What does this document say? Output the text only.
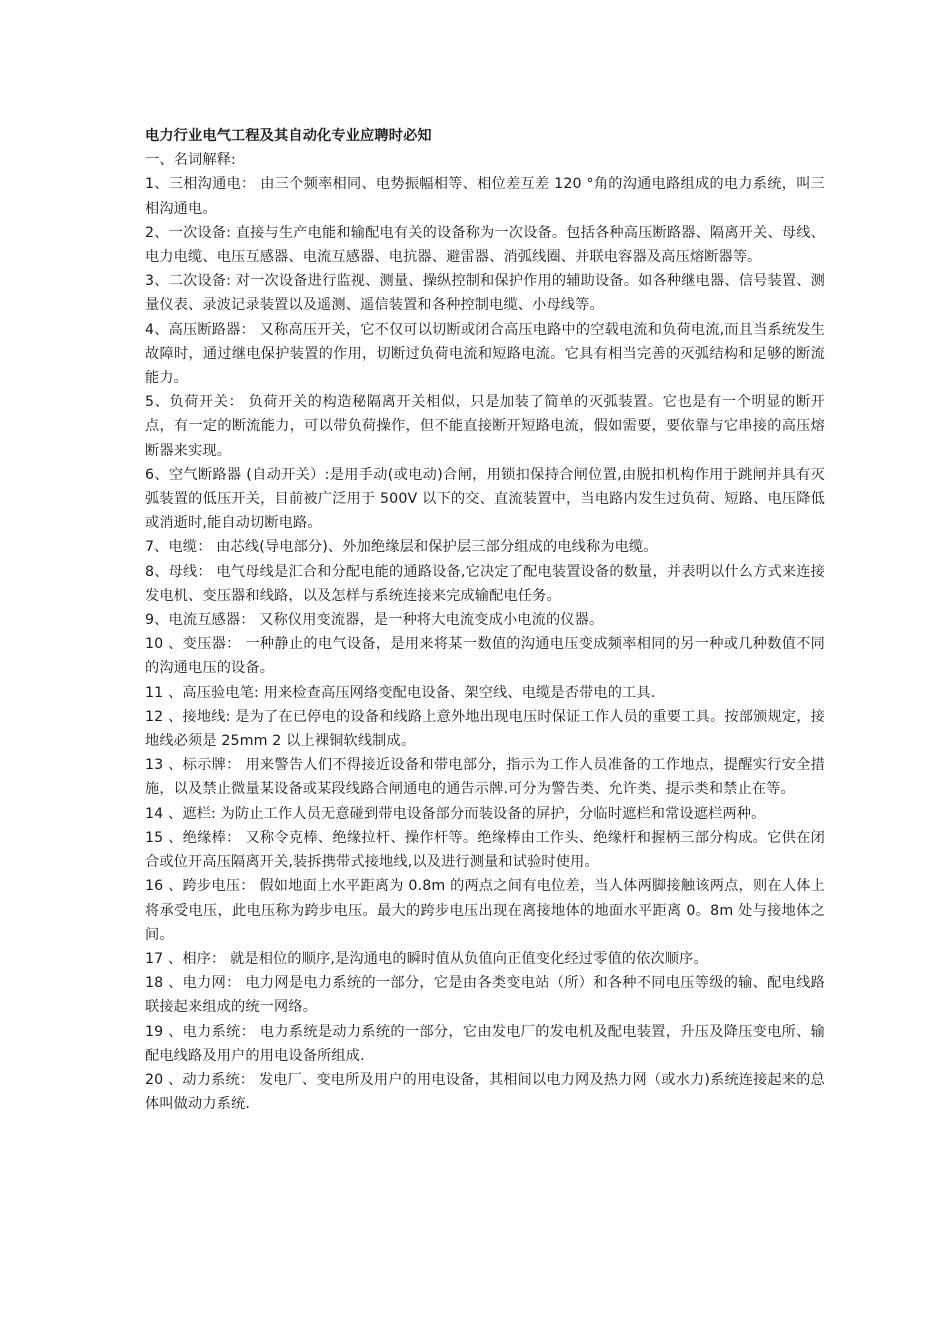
电力行业电气工程及其自动化专业应聘时必知

一、名词解释:

1、三相沟通电： 由三个频率相同、电势振幅相等、相位差互差 120 °角的沟通电路组成的电力系统，叫三相沟通电。

2、一次设备: 直接与生产电能和输配电有关的设备称为一次设备。包括各种高压断路器、隔离开关、母线、电力电缆、电压互感器、电流互感器、电抗器、避雷器、消弧线圈、并联电容器及高压熔断器等。

3、二次设备: 对一次设备进行监视、测量、操纵控制和保护作用的辅助设备。如各种继电器、信号装置、测量仪表、录波记录装置以及遥测、遥信装置和各种控制电缆、小母线等。

4、高压断路器： 又称高压开关，它不仅可以切断或闭合高压电路中的空载电流和负荷电流,而且当系统发生故障时，通过继电保护装置的作用，切断过负荷电流和短路电流。它具有相当完善的灭弧结构和足够的断流能力。

5、负荷开关： 负荷开关的构造秘隔离开关相似，只是加装了简单的灭弧装置。它也是有一个明显的断开点，有一定的断流能力，可以带负荷操作，但不能直接断开短路电流，假如需要，要依靠与它串接的高压熔断器来实现。

6、空气断路器 (自动开关）:是用手动(或电动)合闸，用锁扣保持合闸位置,由脱扣机构作用于跳闸并具有灭弧装置的低压开关，目前被广泛用于 500V 以下的交、直流装置中，当电路内发生过负荷、短路、电压降低或消逝时,能自动切断电路。

7、电缆： 由芯线(导电部分)、外加绝缘层和保护层三部分组成的电线称为电缆。

8、母线： 电气母线是汇合和分配电能的通路设备,它决定了配电装置设备的数量，并表明以什么方式来连接发电机、变压器和线路，以及怎样与系统连接来完成输配电任务。

9、电流互感器： 又称仪用变流器，是一种将大电流变成小电流的仪器。

10 、变压器： 一种静止的电气设备，是用来将某一数值的沟通电压变成频率相同的另一种或几种数值不同的沟通电压的设备。

11 、高压验电笔: 用来检查高压网络变配电设备、架空线、电缆是否带电的工具.

12 、接地线: 是为了在已停电的设备和线路上意外地出现电压时保证工作人员的重要工具。按部颁规定，接地线必须是 25mm 2 以上裸铜软线制成。

13 、标示牌： 用来警告人们不得接近设备和带电部分，指示为工作人员准备的工作地点，提醒实行安全措施，以及禁止微量某设备或某段线路合闸通电的通告示牌.可分为警告类、允许类、提示类和禁止在等。

14 、遮栏: 为防止工作人员无意碰到带电设备部分而装设备的屏护，分临时遮栏和常设遮栏两种。

15 、绝缘棒： 又称令克棒、绝缘拉杆、操作杆等。绝缘棒由工作头、绝缘杆和握柄三部分构成。它供在闭合或位开高压隔离开关,装拆携带式接地线,以及进行测量和试验时使用。

16 、跨步电压： 假如地面上水平距离为 0.8m 的两点之间有电位差，当人体两脚接触该两点，则在人体上将承受电压，此电压称为跨步电压。最大的跨步电压出现在离接地体的地面水平距离 0。8m 处与接地体之间。

17 、相序： 就是相位的顺序,是沟通电的瞬时值从负值向正值变化经过零值的依次顺序。

18 、电力网： 电力网是电力系统的一部分，它是由各类变电站（所）和各种不同电压等级的输、配电线路联接起来组成的统一网络。

19 、电力系统： 电力系统是动力系统的一部分，它由发电厂的发电机及配电装置，升压及降压变电所、输配电线路及用户的用电设备所组成.

20 、动力系统： 发电厂、变电所及用户的用电设备，其相间以电力网及热力网（或水力)系统连接起来的总体叫做动力系统.
